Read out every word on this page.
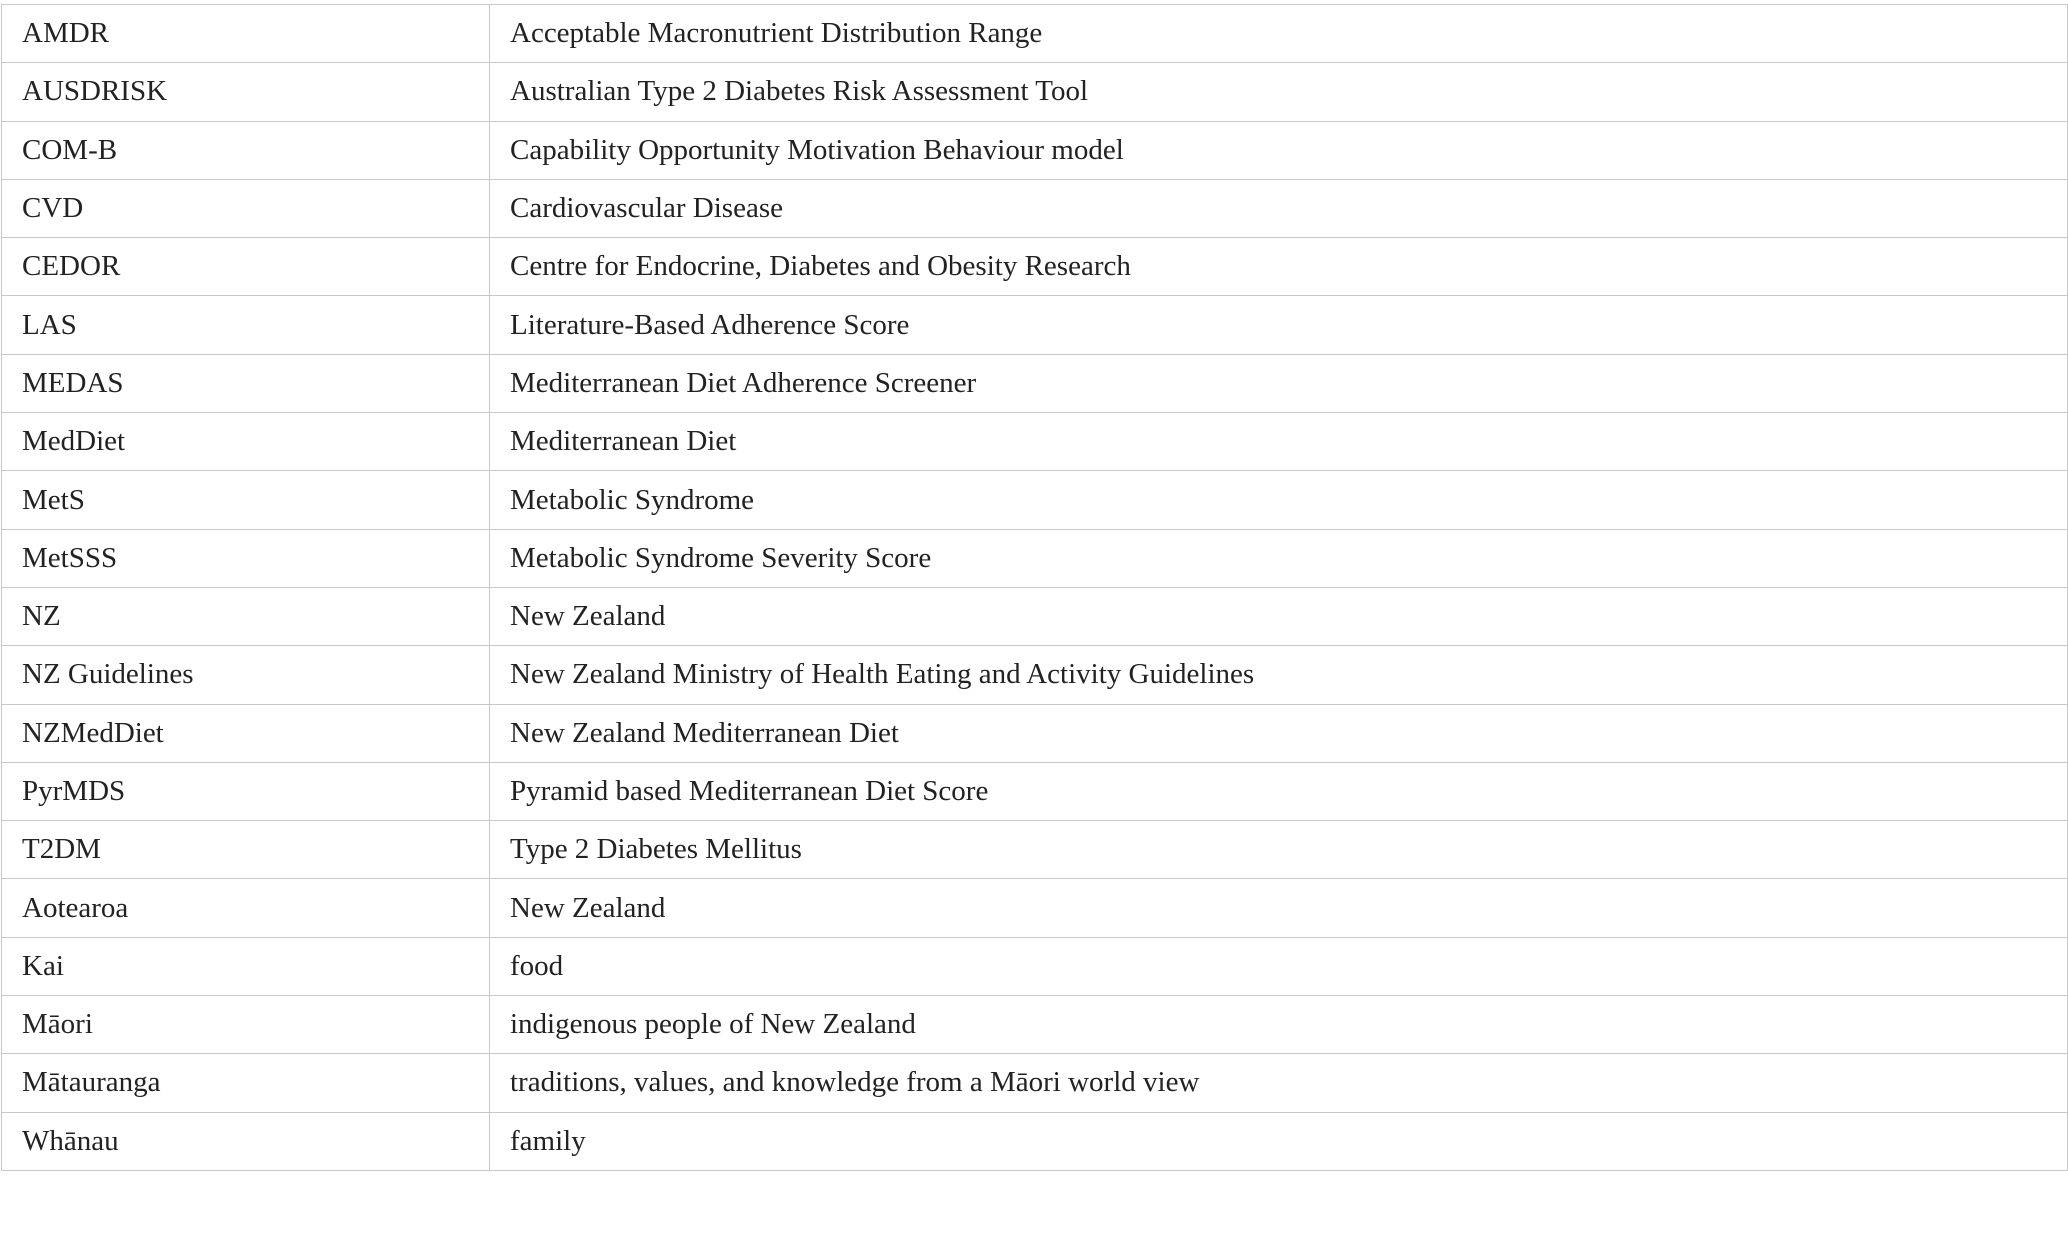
AMDR	Acceptable Macronutrient Distribution Range
AUSDRISK	Australian Type 2 Diabetes Risk Assessment Tool
COM-B	Capability Opportunity Motivation Behaviour model
CVD	Cardiovascular Disease
CEDOR	Centre for Endocrine, Diabetes and Obesity Research
LAS	Literature-Based Adherence Score
MEDAS	Mediterranean Diet Adherence Screener
MedDiet	Mediterranean Diet
MetS	Metabolic Syndrome
MetSSS	Metabolic Syndrome Severity Score
NZ	New Zealand
NZ Guidelines	New Zealand Ministry of Health Eating and Activity Guidelines
NZMedDiet	New Zealand Mediterranean Diet
PyrMDS	Pyramid based Mediterranean Diet Score
T2DM	Type 2 Diabetes Mellitus
Aotearoa	New Zealand
Kai	food
Māori	indigenous people of New Zealand
Mātauranga	traditions, values, and knowledge from a Māori world view
Whānau	family
